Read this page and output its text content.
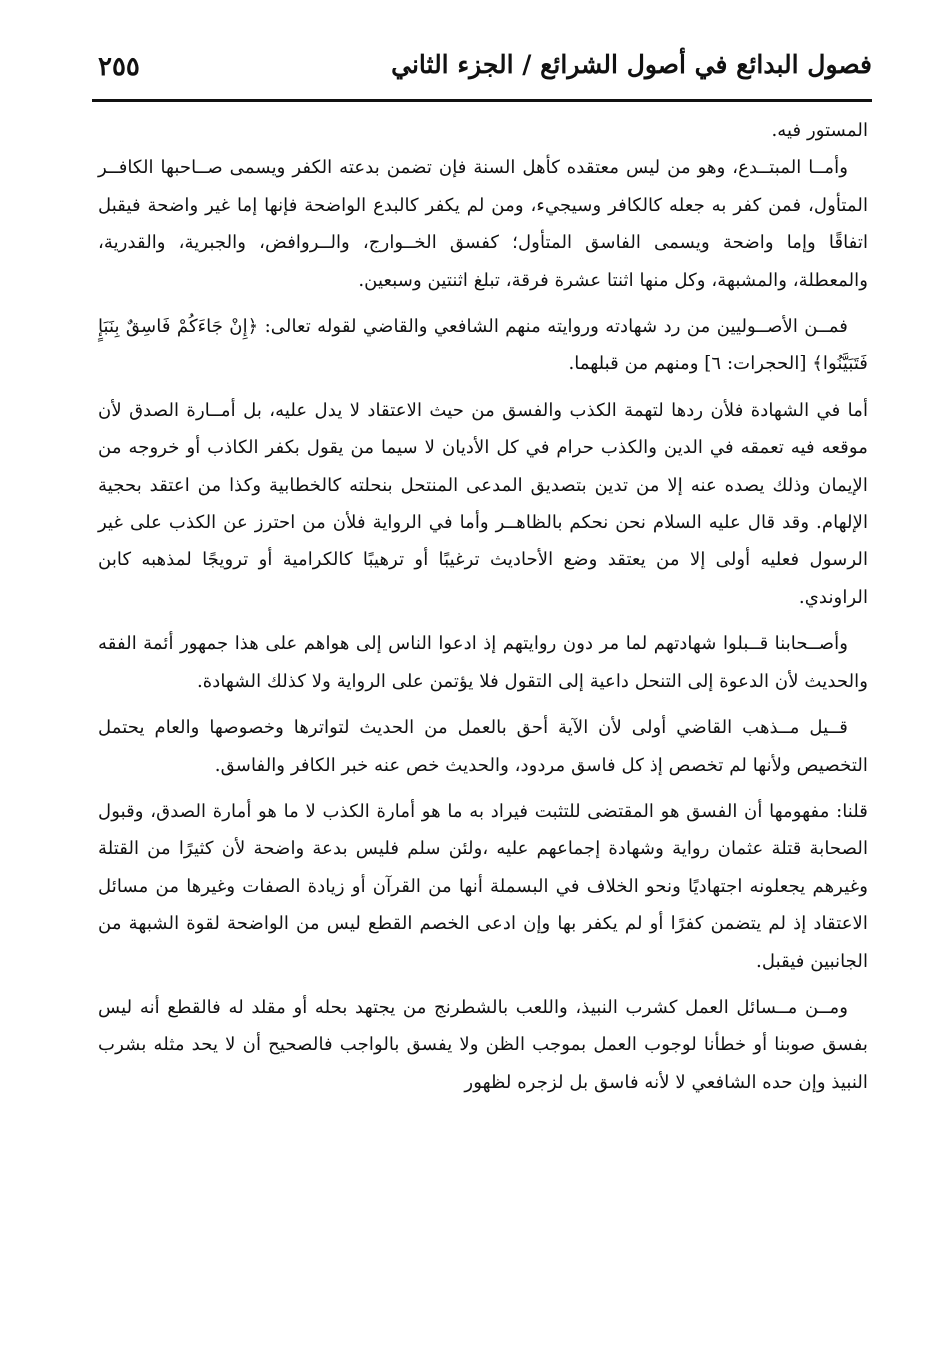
فصول البدائع في أصول الشرائع / الجزء الثاني
٢٥٥

المستور فيه.

وأمــا المبتــدع، وهو من ليس معتقده كأهل السنة فإن تضمن بدعته الكفر ويسمى صــاحبها الكافــر المتأول، فمن كفر به جعله كالكافر وسيجيء، ومن لم يكفر كالبدع الواضحة فإنها إما غير واضحة فيقبل اتفاقًا وإما واضحة ويسمى الفاسق المتأول؛ كفسق الخــوارج، والــروافض، والجبرية، والقدرية، والمعطلة، والمشبهة، وكل منها اثنتا عشرة فرقة، تبلغ اثنتين وسبعين.

فمــن الأصــوليين من رد شهادته وروايته منهم الشافعي والقاضي لقوله تعالى: ﴿إِنْ جَاءَكُمْ فَاسِقٌ بِنَبَإٍ فَتَبَيَّنُوا﴾ [الحجرات: ٦] ومنهم من قبلهما.

أما في الشهادة فلأن ردها لتهمة الكذب والفسق من حيث الاعتقاد لا يدل عليه، بل أمــارة الصدق لأن موقعه فيه تعمقه في الدين والكذب حرام في كل الأديان لا سيما من يقول بكفر الكاذب أو خروجه من الإيمان وذلك يصده عنه إلا من تدين بتصديق المدعى المنتحل بنحلته كالخطابية وكذا من اعتقد بحجية الإلهام. وقد قال عليه السلام نحن نحكم بالظاهــر وأما في الرواية فلأن من احترز عن الكذب على غير الرسول فعليه أولى إلا من يعتقد وضع الأحاديث ترغيبًا أو ترهيبًا كالكرامية أو ترويجًا لمذهبه كابن الراوندي.

وأصــحابنا قــبلوا شهادتهم لما مر دون روايتهم إذ ادعوا الناس إلى هواهم على هذا جمهور أئمة الفقه والحديث لأن الدعوة إلى التنحل داعية إلى التقول فلا يؤتمن على الرواية ولا كذلك الشهادة.

قــيل مــذهب القاضي أولى لأن الآية أحق بالعمل من الحديث لتواترها وخصوصها والعام يحتمل التخصيص ولأنها لم تخصص إذ كل فاسق مردود، والحديث خص عنه خبر الكافر والفاسق.

قلنا: مفهومها أن الفسق هو المقتضى للتثبت فيراد به ما هو أمارة الكذب لا ما هو أمارة الصدق، وقبول الصحابة قتلة عثمان رواية وشهادة إجماعهم عليه ،ولئن سلم فليس بدعة واضحة لأن كثيرًا من القتلة وغيرهم يجعلونه اجتهاديًا ونحو الخلاف في البسملة أنها من القرآن أو زيادة الصفات وغيرها من مسائل الاعتقاد إذ لم يتضمن كفرًا أو لم يكفر بها وإن ادعى الخصم القطع ليس من الواضحة لقوة الشبهة من الجانبين فيقبل.

ومــن مــسائل العمل كشرب النبيذ، واللعب بالشطرنج من يجتهد بحله أو مقلد له فالقطع أنه ليس بفسق صوبنا أو خطأنا لوجوب العمل بموجب الظن ولا يفسق بالواجب فالصحيح أن لا يحد مثله بشرب النبيذ وإن حده الشافعي لا لأنه فاسق بل لزجره لظهور
